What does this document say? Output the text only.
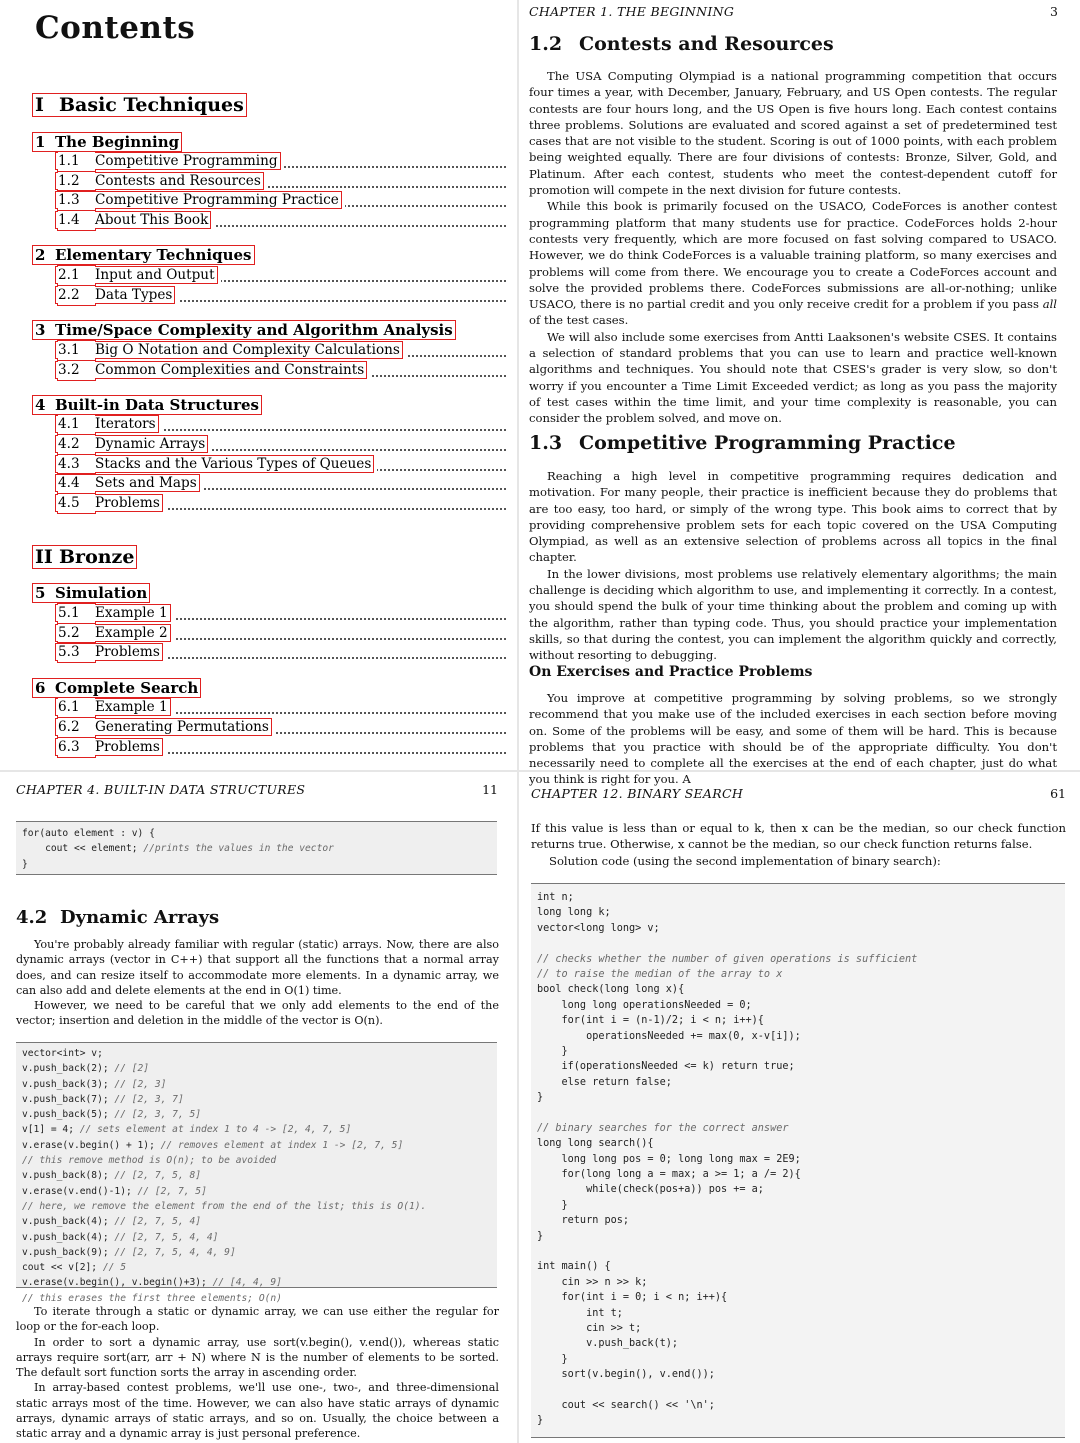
Contents
I Basic Techniques
1 The Beginning
1.1 Competitive Programming
1.2 Contests and Resources
1.3 Competitive Programming Practice
1.4 About This Book
2 Elementary Techniques
2.1 Input and Output
2.2 Data Types
3 Time/Space Complexity and Algorithm Analysis
3.1 Big O Notation and Complexity Calculations
3.2 Common Complexities and Constraints
4 Built-in Data Structures
4.1 Iterators
4.2 Dynamic Arrays
4.3 Stacks and the Various Types of Queues
4.4 Sets and Maps
4.5 Problems
II Bronze
5 Simulation
5.1 Example 1
5.2 Example 2
5.3 Problems
6 Complete Search
6.1 Example 1
6.2 Generating Permutations
6.3 Problems
CHAPTER 1. THE BEGINNING	3
1.2 Contests and Resources

The USA Computing Olympiad is a national programming competition that occurs four times a year, with December, January, February, and US Open contests. The regular contests are four hours long, and the US Open is five hours long. Each contest contains three problems. Solutions are evaluated and scored against a set of predetermined test cases that are not visible to the student. Scoring is out of 1000 points, with each problem being weighted equally. There are four divisions of contests: Bronze, Silver, Gold, and Platinum. After each contest, students who meet the contest-dependent cutoff for promotion will compete in the next division for future contests.

While this book is primarily focused on the USACO, CodeForces is another contest programming platform that many students use for practice. CodeForces holds 2-hour contests very frequently, which are more focused on fast solving compared to USACO. However, we do think CodeForces is a valuable training platform, so many exercises and problems will come from there. We encourage you to create a CodeForces account and solve the provided problems there. CodeForces submissions are all-or-nothing; unlike USACO, there is no partial credit and you only receive credit for a problem if you pass all of the test cases.

We will also include some exercises from Antti Laaksonen's website CSES. It contains a selection of standard problems that you can use to learn and practice well-known algorithms and techniques. You should note that CSES's grader is very slow, so don't worry if you encounter a Time Limit Exceeded verdict; as long as you pass the majority of test cases within the time limit, and your time complexity is reasonable, you can consider the problem solved, and move on.

1.3 Competitive Programming Practice

Reaching a high level in competitive programming requires dedication and motivation. For many people, their practice is inefficient because they do problems that are too easy, too hard, or simply of the wrong type. This book aims to correct that by providing comprehensive problem sets for each topic covered on the USA Computing Olympiad, as well as an extensive selection of problems across all topics in the final chapter.

In the lower divisions, most problems use relatively elementary algorithms; the main challenge is deciding which algorithm to use, and implementing it correctly. In a contest, you should spend the bulk of your time thinking about the problem and coming up with the algorithm, rather than typing code. Thus, you should practice your implementation skills, so that during the contest, you can implement the algorithm quickly and correctly, without resorting to debugging.

On Exercises and Practice Problems

You improve at competitive programming by solving problems, so we strongly recommend that you make use of the included exercises in each section before moving on. Some of the problems will be easy, and some of them will be hard. This is because problems that you practice with should be of the appropriate difficulty. You don't necessarily need to complete all the exercises at the end of each chapter, just do what you think is right for you. A

CHAPTER 4. BUILT-IN DATA STRUCTURES	11
for(auto element : v) {
cout << element; //prints the values in the vector
}
4.2 Dynamic Arrays

You're probably already familiar with regular (static) arrays. Now, there are also dynamic arrays (vector in C++) that support all the functions that a normal array does, and can resize itself to accommodate more elements. In a dynamic array, we can also add and delete elements at the end in O(1) time.

However, we need to be careful that we only add elements to the end of the vector; insertion and deletion in the middle of the vector is O(n).

vector<int> v;
v.push_back(2); // [2]
v.push_back(3); // [2, 3]
v.push_back(7); // [2, 3, 7]
v.push_back(5); // [2, 3, 7, 5]
v[1] = 4; // sets element at index 1 to 4 -> [2, 4, 7, 5]
v.erase(v.begin() + 1); // removes element at index 1 -> [2, 7, 5]
// this remove method is O(n); to be avoided
v.push_back(8); // [2, 7, 5, 8]
v.erase(v.end()-1); // [2, 7, 5]
// here, we remove the element from the end of the list; this is O(1).
v.push_back(4); // [2, 7, 5, 4]
v.push_back(4); // [2, 7, 5, 4, 4]
v.push_back(9); // [2, 7, 5, 4, 4, 9]
cout << v[2]; // 5
v.erase(v.begin(), v.begin()+3); // [4, 4, 9]
// this erases the first three elements; O(n)

To iterate through a static or dynamic array, we can use either the regular for loop or the for-each loop.

In order to sort a dynamic array, use sort(v.begin(), v.end()), whereas static arrays require sort(arr, arr + N) where N is the number of elements to be sorted. The default sort function sorts the array in ascending order.

In array-based contest problems, we'll use one-, two-, and three-dimensional static arrays most of the time. However, we can also have static arrays of dynamic arrays, dynamic arrays of static arrays, and so on. Usually, the choice between a static array and a dynamic array is just personal preference.

CHAPTER 12. BINARY SEARCH	61

If this value is less than or equal to k, then x can be the median, so our check function returns true. Otherwise, x cannot be the median, so our check function returns false.

Solution code (using the second implementation of binary search):

int n;
long long k;
vector<long long> v;

// checks whether the number of given operations is sufficient
// to raise the median of the array to x
bool check(long long x){
long long operationsNeeded = 0;
for(int i = (n-1)/2; i < n; i++){
operationsNeeded += max(0, x-v[i]);
}
if(operationsNeeded <= k) return true;
else return false;
}

// binary searches for the correct answer
long long search(){
long long pos = 0; long long max = 2E9;
for(long long a = max; a >= 1; a /= 2){
while(check(pos+a)) pos += a;
}
return pos;
}

int main() {
cin >> n >> k;
for(int i = 0; i < n; i++){
int t;
cin >> t;
v.push_back(t);
}
sort(v.begin(), v.end());

cout << search() << '\n';
}
